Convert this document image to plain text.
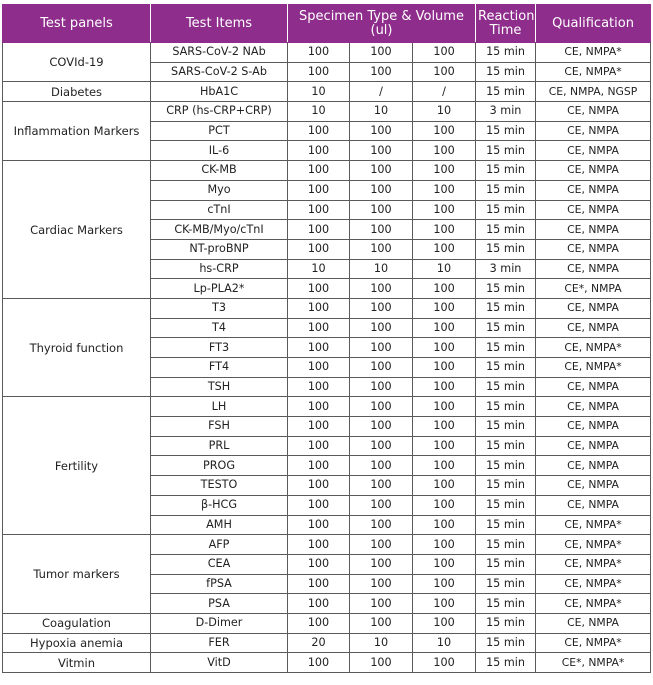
Test panels	Test Items	Specimen Type & Volume (ul)			Reaction Time	Qualification
COVId-19	SARS-CoV-2 NAb	100	100	100	15 min	CE, NMPA*
	SARS-CoV-2 S-Ab	100	100	100	15 min	CE, NMPA*
Diabetes	HbA1C	10	/	/	15 min	CE, NMPA, NGSP
Inflammation Markers	CRP (hs-CRP+CRP)	10	10	10	3 min	CE, NMPA
	PCT	100	100	100	15 min	CE, NMPA
	IL-6	100	100	100	15 min	CE, NMPA
Cardiac Markers	CK-MB	100	100	100	15 min	CE, NMPA
	Myo	100	100	100	15 min	CE, NMPA
	cTnI	100	100	100	15 min	CE, NMPA
	CK-MB/Myo/cTnI	100	100	100	15 min	CE, NMPA
	NT-proBNP	100	100	100	15 min	CE, NMPA
	hs-CRP	10	10	10	3 min	CE, NMPA
	Lp-PLA2*	100	100	100	15 min	CE*, NMPA
Thyroid function	T3	100	100	100	15 min	CE, NMPA
	T4	100	100	100	15 min	CE, NMPA
	FT3	100	100	100	15 min	CE, NMPA*
	FT4	100	100	100	15 min	CE, NMPA*
	TSH	100	100	100	15 min	CE, NMPA
Fertility	LH	100	100	100	15 min	CE, NMPA
	FSH	100	100	100	15 min	CE, NMPA
	PRL	100	100	100	15 min	CE, NMPA
	PROG	100	100	100	15 min	CE, NMPA
	TESTO	100	100	100	15 min	CE, NMPA
	β-HCG	100	100	100	15 min	CE, NMPA
	AMH	100	100	100	15 min	CE, NMPA*
Tumor markers	AFP	100	100	100	15 min	CE, NMPA*
	CEA	100	100	100	15 min	CE, NMPA*
	fPSA	100	100	100	15 min	CE, NMPA*
	PSA	100	100	100	15 min	CE, NMPA*
Coagulation	D-Dimer	100	100	100	15 min	CE, NMPA
Hypoxia anemia	FER	20	10	10	15 min	CE, NMPA*
Vitmin	VitD	100	100	100	15 min	CE*, NMPA*
